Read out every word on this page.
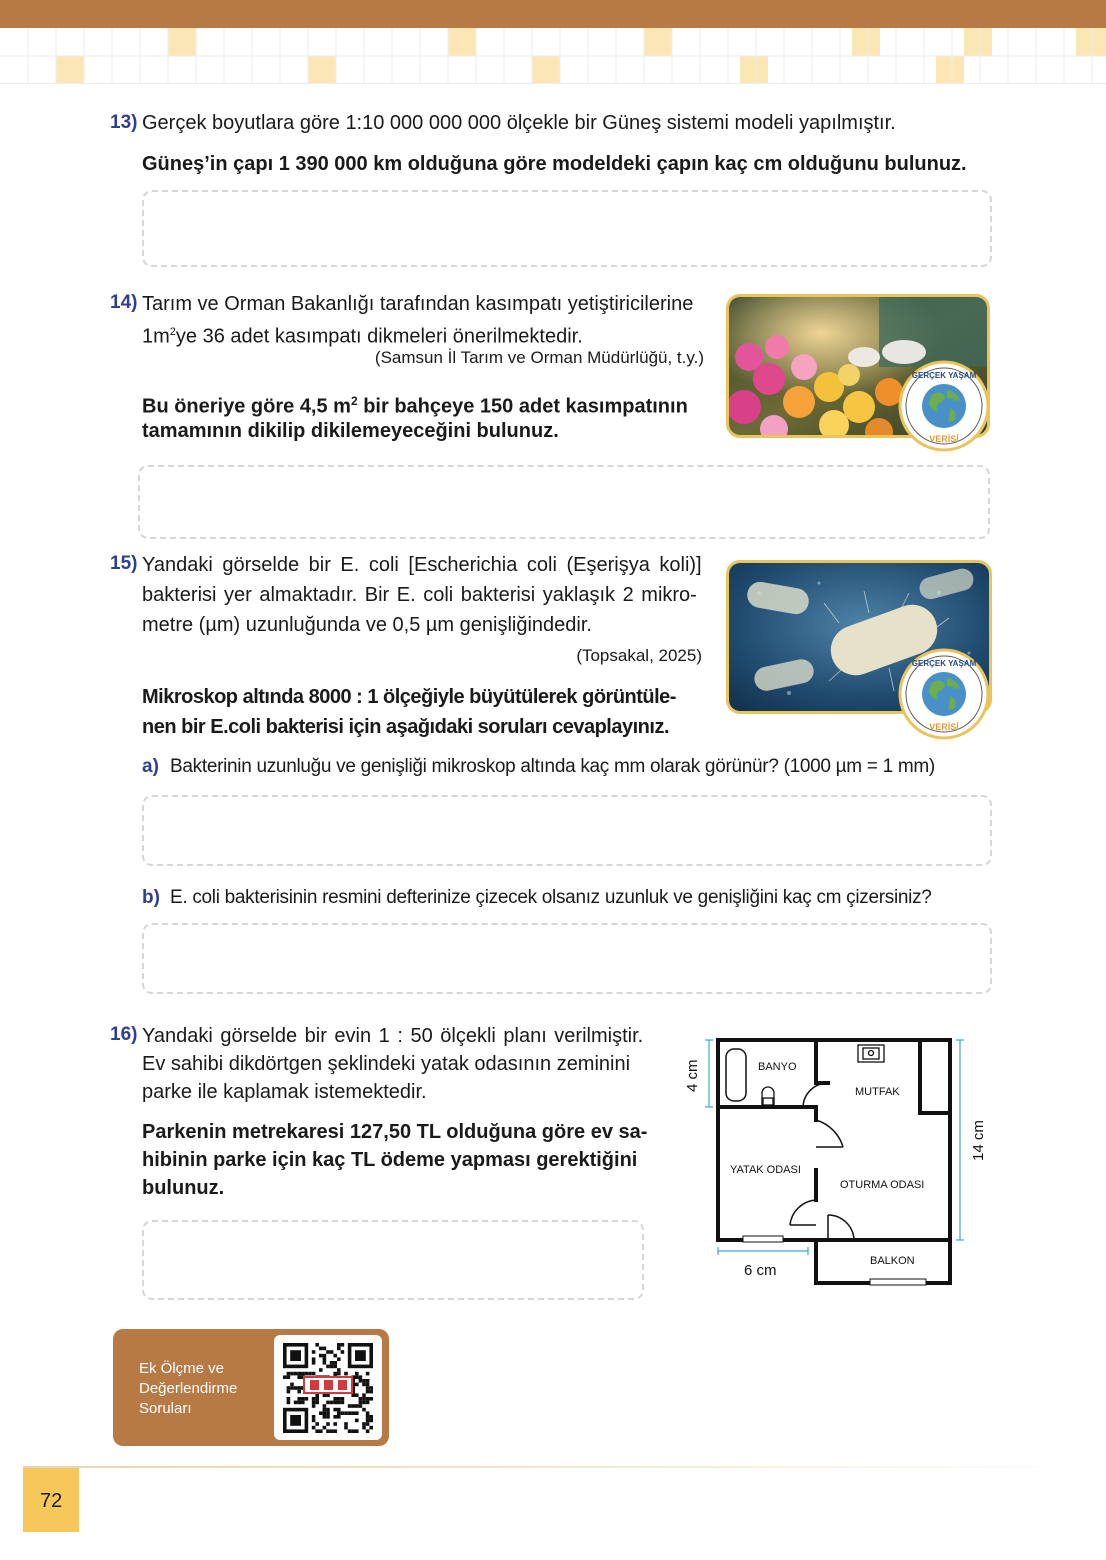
13) Gerçek boyutlara göre 1:10 000 000 000 ölçekle bir Güneş sistemi modeli yapılmıştır.
Güneş’in çapı 1 390 000 km olduğuna göre modeldeki çapın kaç cm olduğunu bulunuz.
14) Tarım ve Orman Bakanlığı tarafından kasımpatı yetiştiricilerine
$1m^2ye$ 36 adet kasımpatı dikmeleri önerilmektedir.
(Samsun İl Tarım ve Orman Müdürlüğü, t.y.)
Bu öneriye göre 4,5 $m^2$ bir bahçeye 150 adet kasımpatının
tamamının dikilip dikilemeyeceğini bulunuz.
GERÇEK YAŞAM
VERİSİ
15) Yandaki görselde bir E. coli [Escherichia coli (Eşerişya koli)]
bakterisi yer almaktadır. Bir E. coli bakterisi yaklaşık 2 mikro-
metre (µm) uzunluğunda ve 0,5 µm genişliğindedir.
(Topsakal, 2025)
Mikroskop altında 8000 : 1 ölçeğiyle büyütülerek görüntüle-
nen bir E.coli bakterisi için aşağıdaki soruları cevaplayınız.
GERÇEK YAŞAM
VERİSİ
a) Bakterinin uzunluğu ve genişliği mikroskop altında kaç mm olarak görünür? (1000 µm = 1 mm)
b) E. coli bakterisinin resmini defterinize çizecek olsanız uzunluk ve genişliğini kaç cm çizersiniz?
16) Yandaki görselde bir evin 1 : 50 ölçekli planı verilmiştir.
Ev sahibi dikdörtgen şeklindeki yatak odasının zeminini
parke ile kaplamak istemektedir.
Parkenin metrekaresi 127,50 TL olduğuna göre ev sa-
hibinin parke için kaç TL ödeme yapması gerektiğini
bulunuz.
BANYO
MUTFAK
YATAK ODASI
OTURMA ODASI
BALKON
4 cm
14 cm
6 cm
Ek Ölçme ve
Değerlendirme
Soruları
72
